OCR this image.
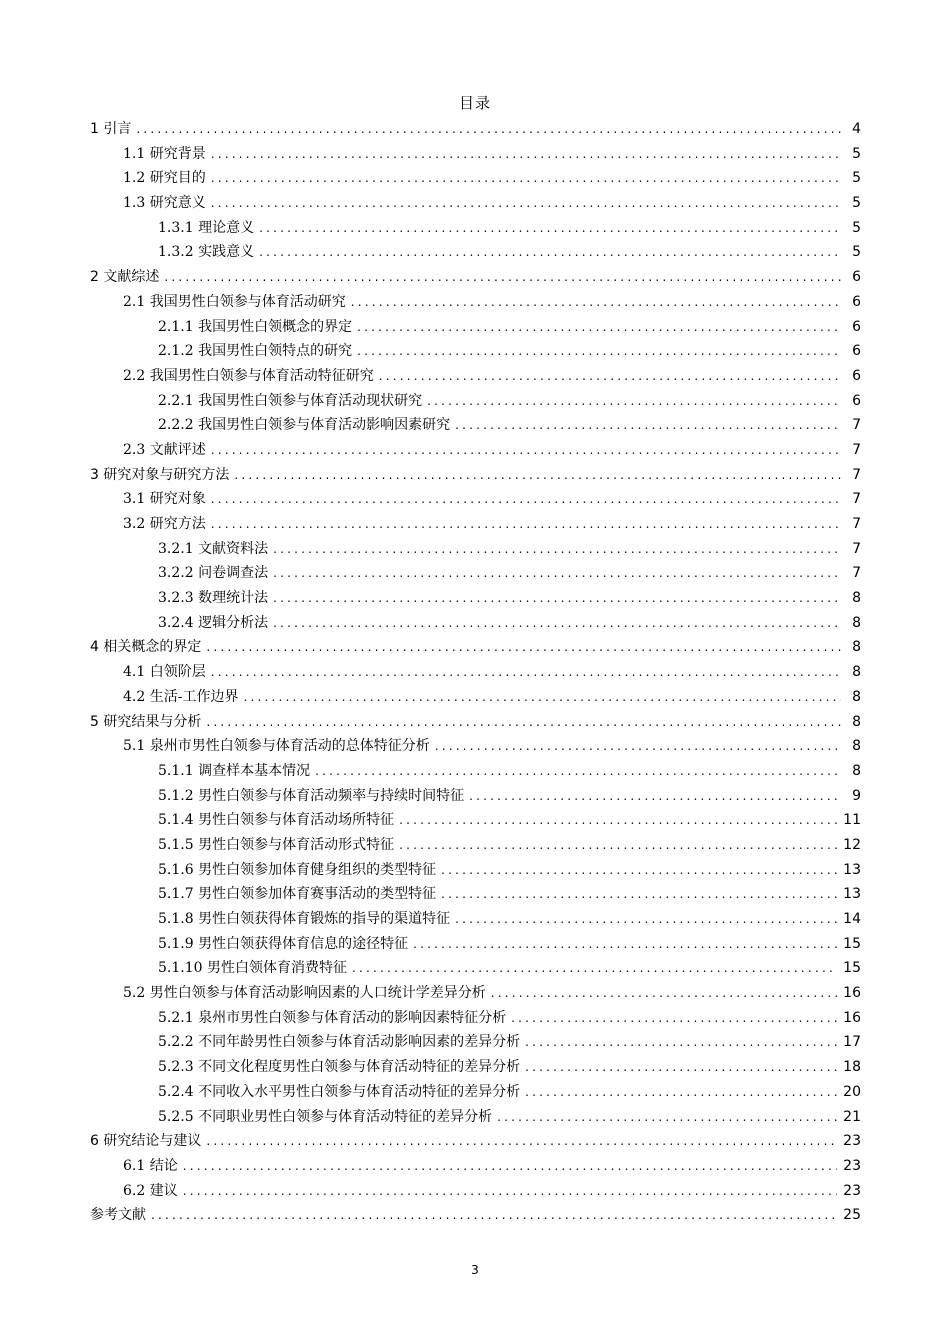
目录
1 引言 .....	4
1.1 研究背景 .....	5
1.2 研究目的 .....	5
1.3 研究意义 .....	5
1.3.1 理论意义 .....	5
1.3.2 实践意义 .....	5
2 文献综述 .....	6
2.1 我国男性白领参与体育活动研究 .....	6
2.1.1 我国男性白领概念的界定 .....	6
2.1.2 我国男性白领特点的研究 .....	6
2.2 我国男性白领参与体育活动特征研究 .....	6
2.2.1 我国男性白领参与体育活动现状研究 .....	6
2.2.2 我国男性白领参与体育活动影响因素研究 .....	7
2.3 文献评述 .....	7
3 研究对象与研究方法 .....	7
3.1 研究对象 .....	7
3.2 研究方法 .....	7
3.2.1 文献资料法 .....	7
3.2.2 问卷调查法 .....	7
3.2.3 数理统计法 .....	8
3.2.4 逻辑分析法 .....	8
4 相关概念的界定 .....	8
4.1 白领阶层 .....	8
4.2 生活-工作边界 .....	8
5 研究结果与分析 .....	8
5.1 泉州市男性白领参与体育活动的总体特征分析 .....	8
5.1.1 调查样本基本情况 .....	8
5.1.2 男性白领参与体育活动频率与持续时间特征 .....	9
5.1.4 男性白领参与体育活动场所特征 .....	11
5.1.5 男性白领参与体育活动形式特征 .....	12
5.1.6 男性白领参加体育健身组织的类型特征 .....	13
5.1.7 男性白领参加体育赛事活动的类型特征 .....	13
5.1.8 男性白领获得体育锻炼的指导的渠道特征 .....	14
5.1.9 男性白领获得体育信息的途径特征 .....	15
5.1.10 男性白领体育消费特征 .....	15
5.2 男性白领参与体育活动影响因素的人口统计学差异分析 .....	16
5.2.1 泉州市男性白领参与体育活动的影响因素特征分析 .....	16
5.2.2 不同年龄男性白领参与体育活动影响因素的差异分析 .....	17
5.2.3 不同文化程度男性白领参与体育活动特征的差异分析 .....	18
5.2.4 不同收入水平男性白领参与体育活动特征的差异分析 .....	20
5.2.5 不同职业男性白领参与体育活动特征的差异分析 .....	21
6 研究结论与建议 .....	23
6.1 结论 .....	23
6.2 建议 .....	23
参考文献 .....	25
3
